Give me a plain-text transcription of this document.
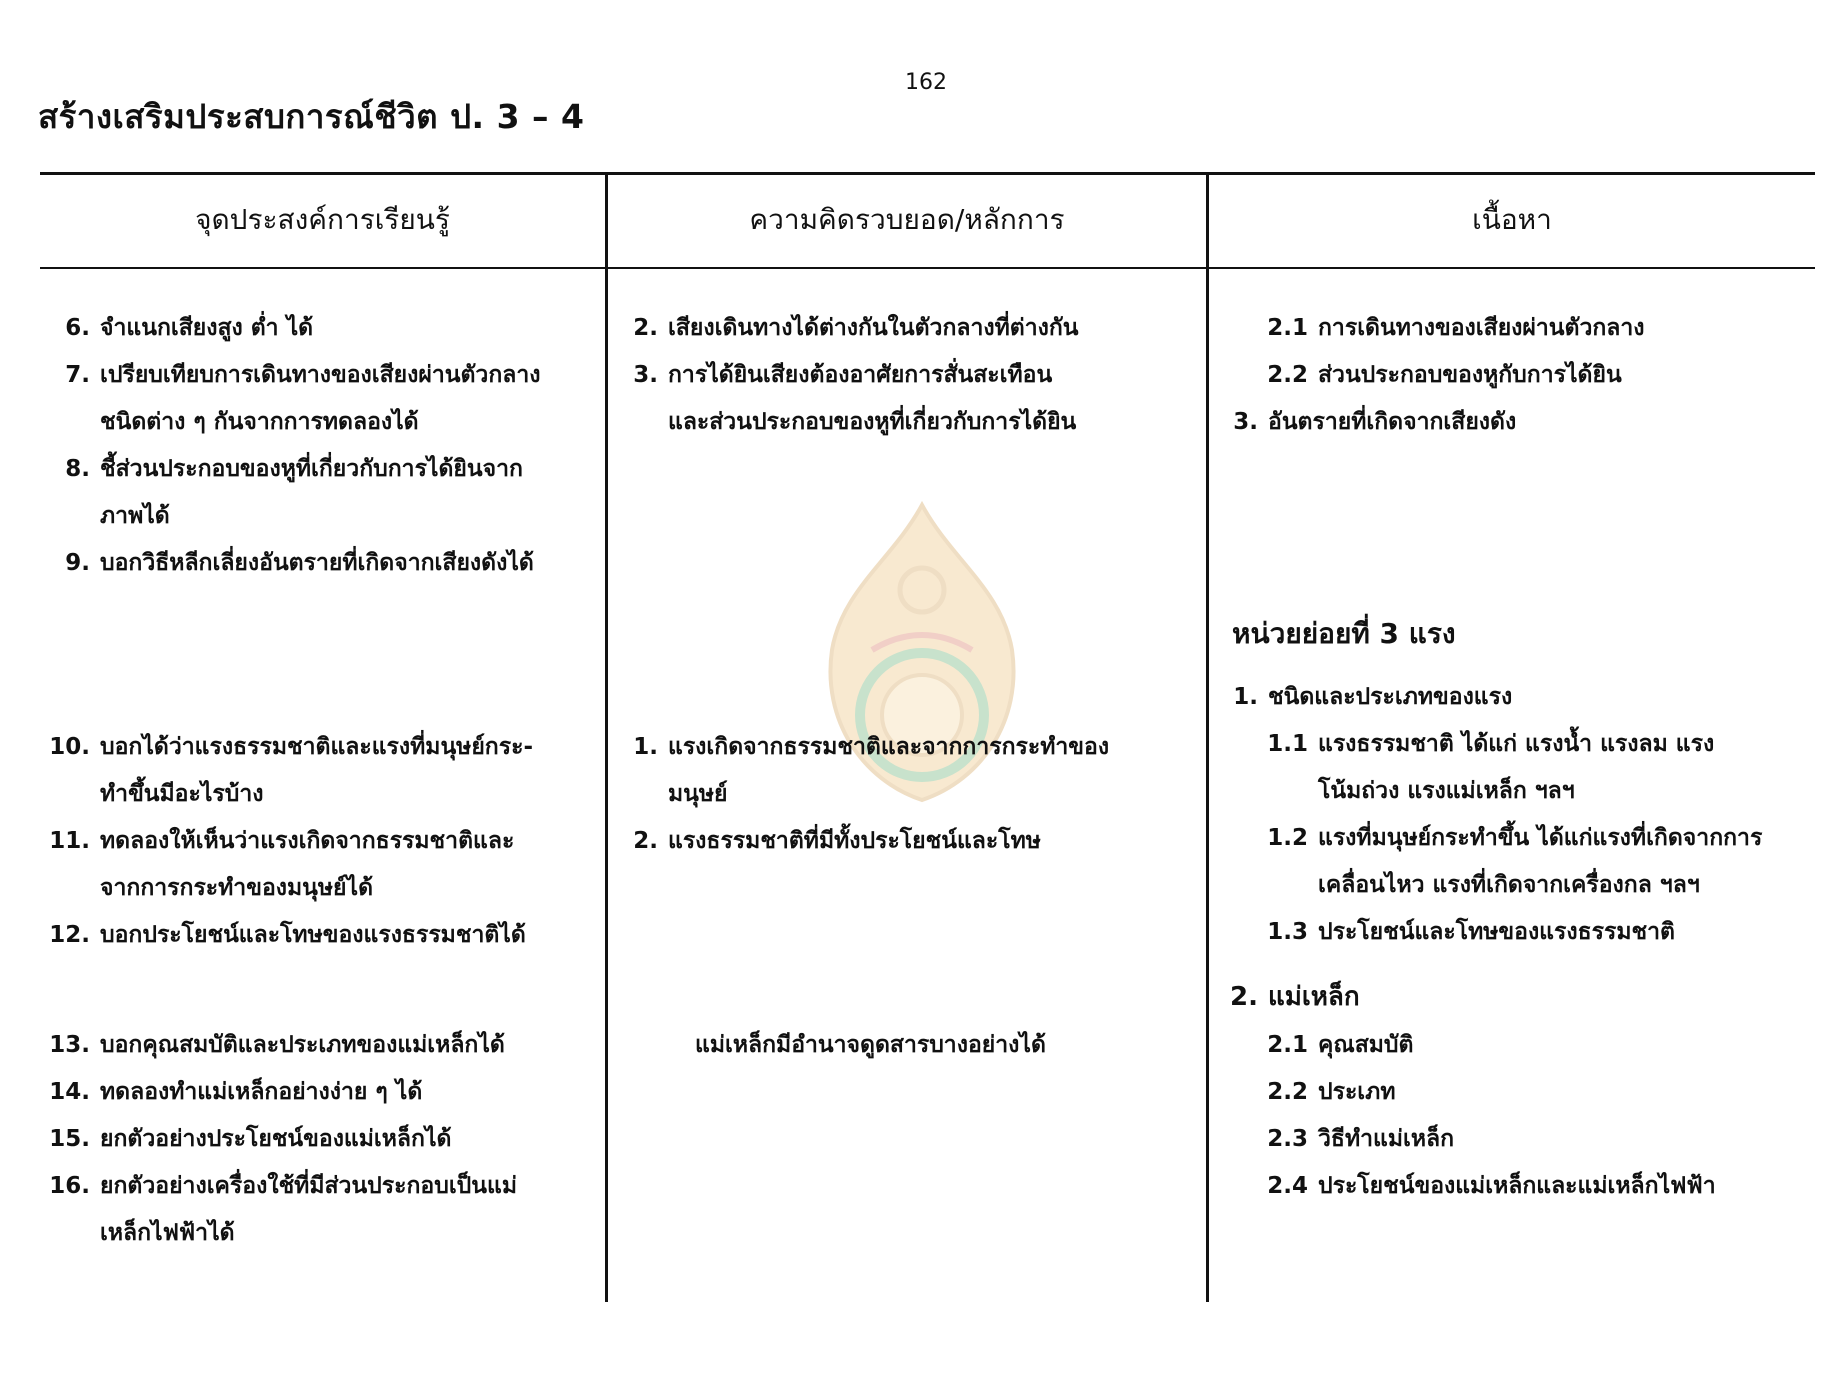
162
สร้างเสริมประสบการณ์ชีวิต ป. 3 – 4
จุดประสงค์การเรียนรู้	ความคิดรวบยอด/หลักการ	เนื้อหา
6. จำแนกเสียงสูง ต่ำ ได้
7. เปรียบเทียบการเดินทางของเสียงผ่านตัวกลาง
ชนิดต่าง ๆ กันจากการทดลองได้
8. ชี้ส่วนประกอบของหูที่เกี่ยวกับการได้ยินจาก
ภาพได้
9. บอกวิธีหลีกเลี่ยงอันตรายที่เกิดจากเสียงดังได้
10. บอกได้ว่าแรงธรรมชาติและแรงที่มนุษย์กระ-
ทำขึ้นมีอะไรบ้าง
11. ทดลองให้เห็นว่าแรงเกิดจากธรรมชาติและ
จากการกระทำของมนุษย์ได้
12. บอกประโยชน์และโทษของแรงธรรมชาติได้
13. บอกคุณสมบัติและประเภทของแม่เหล็กได้
14. ทดลองทำแม่เหล็กอย่างง่าย ๆ ได้
15. ยกตัวอย่างประโยชน์ของแม่เหล็กได้
16. ยกตัวอย่างเครื่องใช้ที่มีส่วนประกอบเป็นแม่
เหล็กไฟฟ้าได้
2. เสียงเดินทางได้ต่างกันในตัวกลางที่ต่างกัน
3. การได้ยินเสียงต้องอาศัยการสั่นสะเทือน
และส่วนประกอบของหูที่เกี่ยวกับการได้ยิน
1. แรงเกิดจากธรรมชาติและจากการกระทำของ
มนุษย์
2. แรงธรรมชาติที่มีทั้งประโยชน์และโทษ
แม่เหล็กมีอำนาจดูดสารบางอย่างได้
2.1 การเดินทางของเสียงผ่านตัวกลาง
2.2 ส่วนประกอบของหูกับการได้ยิน
3. อันตรายที่เกิดจากเสียงดัง
หน่วยย่อยที่ 3 แรง
1. ชนิดและประเภทของแรง
1.1 แรงธรรมชาติ ได้แก่ แรงน้ำ แรงลม แรง
โน้มถ่วง แรงแม่เหล็ก ฯลฯ
1.2 แรงที่มนุษย์กระทำขึ้น ได้แก่แรงที่เกิดจากการ
เคลื่อนไหว แรงที่เกิดจากเครื่องกล ฯลฯ
1.3 ประโยชน์และโทษของแรงธรรมชาติ
2. แม่เหล็ก
2.1 คุณสมบัติ
2.2 ประเภท
2.3 วิธีทำแม่เหล็ก
2.4 ประโยชน์ของแม่เหล็กและแม่เหล็กไฟฟ้า
